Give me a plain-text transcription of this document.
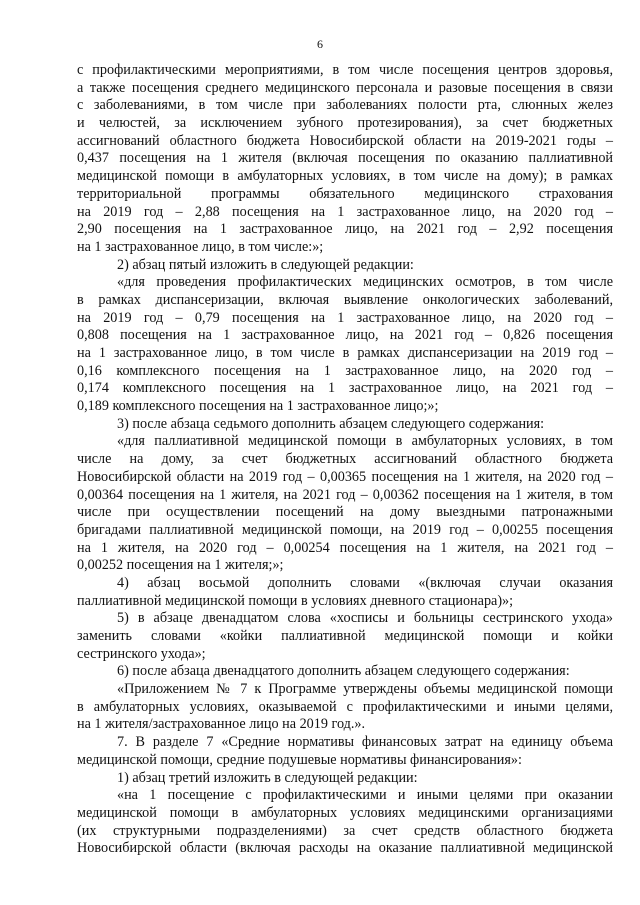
6
с профилактическими мероприятиями, в том числе посещения центров здоровья,
а также посещения среднего медицинского персонала и разовые посещения в связи
с заболеваниями, в том числе при заболеваниях полости рта, слюнных желез
и челюстей, за исключением зубного протезирования), за счет бюджетных
ассигнований областного бюджета Новосибирской области на 2019-2021 годы –
0,437 посещения на 1 жителя (включая посещения по оказанию паллиативной
медицинской помощи в амбулаторных условиях, в том числе на дому); в рамках
территориальной программы обязательного медицинского страхования
на 2019 год – 2,88 посещения на 1 застрахованное лицо, на 2020 год –
2,90 посещения на 1 застрахованное лицо, на 2021 год – 2,92 посещения
на 1 застрахованное лицо, в том числе:»;
2) абзац пятый изложить в следующей редакции:
«для проведения профилактических медицинских осмотров, в том числе
в рамках диспансеризации, включая выявление онкологических заболеваний,
на 2019 год – 0,79 посещения на 1 застрахованное лицо, на 2020 год –
0,808 посещения на 1 застрахованное лицо, на 2021 год – 0,826 посещения
на 1 застрахованное лицо, в том числе в рамках диспансеризации на 2019 год –
0,16 комплексного посещения на 1 застрахованное лицо, на 2020 год –
0,174 комплексного посещения на 1 застрахованное лицо, на 2021 год –
0,189 комплексного посещения на 1 застрахованное лицо;»;
3) после абзаца седьмого дополнить абзацем следующего содержания:
«для паллиативной медицинской помощи в амбулаторных условиях, в том
числе на дому, за счет бюджетных ассигнований областного бюджета
Новосибирской области на 2019 год – 0,00365 посещения на 1 жителя, на 2020 год –
0,00364 посещения на 1 жителя, на 2021 год – 0,00362 посещения на 1 жителя, в том
числе при осуществлении посещений на дому выездными патронажными
бригадами паллиативной медицинской помощи, на 2019 год – 0,00255 посещения
на 1 жителя, на 2020 год – 0,00254 посещения на 1 жителя, на 2021 год –
0,00252 посещения на 1 жителя;»;
4) абзац восьмой дополнить словами «(включая случаи оказания
паллиативной медицинской помощи в условиях дневного стационара)»;
5) в абзаце двенадцатом слова «хосписы и больницы сестринского ухода»
заменить словами «койки паллиативной медицинской помощи и койки
сестринского ухода»;
6) после абзаца двенадцатого дополнить абзацем следующего содержания:
«Приложением № 7 к Программе утверждены объемы медицинской помощи
в амбулаторных условиях, оказываемой с профилактическими и иными целями,
на 1 жителя/застрахованное лицо на 2019 год.».
7. В разделе 7 «Средние нормативы финансовых затрат на единицу объема
медицинской помощи, средние подушевые нормативы финансирования»:
1) абзац третий изложить в следующей редакции:
«на 1 посещение с профилактическими и иными целями при оказании
медицинской помощи в амбулаторных условиях медицинскими организациями
(их структурными подразделениями) за счет средств областного бюджета
Новосибирской области (включая расходы на оказание паллиативной медицинской
